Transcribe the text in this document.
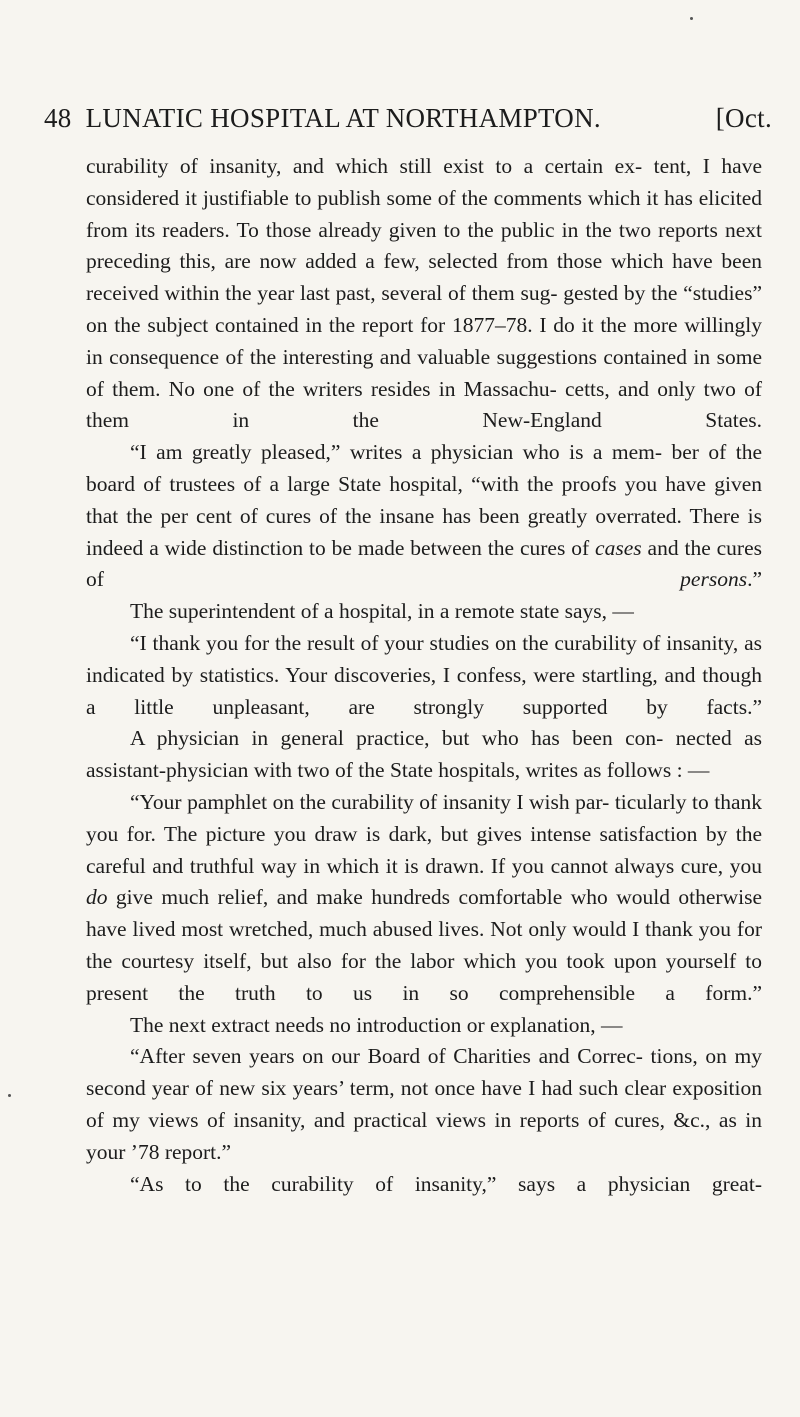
48 LUNATIC HOSPITAL AT NORTHAMPTON.	[Oct.

curability of insanity, and which still exist to a certain ex- tent, I have considered it justifiable to publish some of the comments which it has elicited from its readers. To those already given to the public in the two reports next preceding this, are now added a few, selected from those which have been received within the year last past, several of them sug- gested by the “studies” on the subject contained in the report for 1877–78. I do it the more willingly in consequence of the interesting and valuable suggestions contained in some of them. No one of the writers resides in Massachu- cetts, and only two of them in the New-England States.

“I am greatly pleased,” writes a physician who is a mem- ber of the board of trustees of a large State hospital, “with the proofs you have given that the per cent of cures of the insane has been greatly overrated. There is indeed a wide distinction to be made between the cures of cases and the cures of persons.”

The superintendent of a hospital, in a remote state says, —

“I thank you for the result of your studies on the curability of insanity, as indicated by statistics. Your discoveries, I confess, were startling, and though a little unpleasant, are strongly supported by facts.”

A physician in general practice, but who has been con- nected as assistant-physician with two of the State hospitals, writes as follows : —

“Your pamphlet on the curability of insanity I wish par- ticularly to thank you for. The picture you draw is dark, but gives intense satisfaction by the careful and truthful way in which it is drawn. If you cannot always cure, you do give much relief, and make hundreds comfortable who would otherwise have lived most wretched, much abused lives. Not only would I thank you for the courtesy itself, but also for the labor which you took upon yourself to present the truth to us in so comprehensible a form.”

The next extract needs no introduction or explanation, —

“After seven years on our Board of Charities and Correc- tions, on my second year of new six years’ term, not once have I had such clear exposition of my views of insanity, and practical views in reports of cures, &c., as in your ’78 report.”

“As to the curability of insanity,” says a physician great-
